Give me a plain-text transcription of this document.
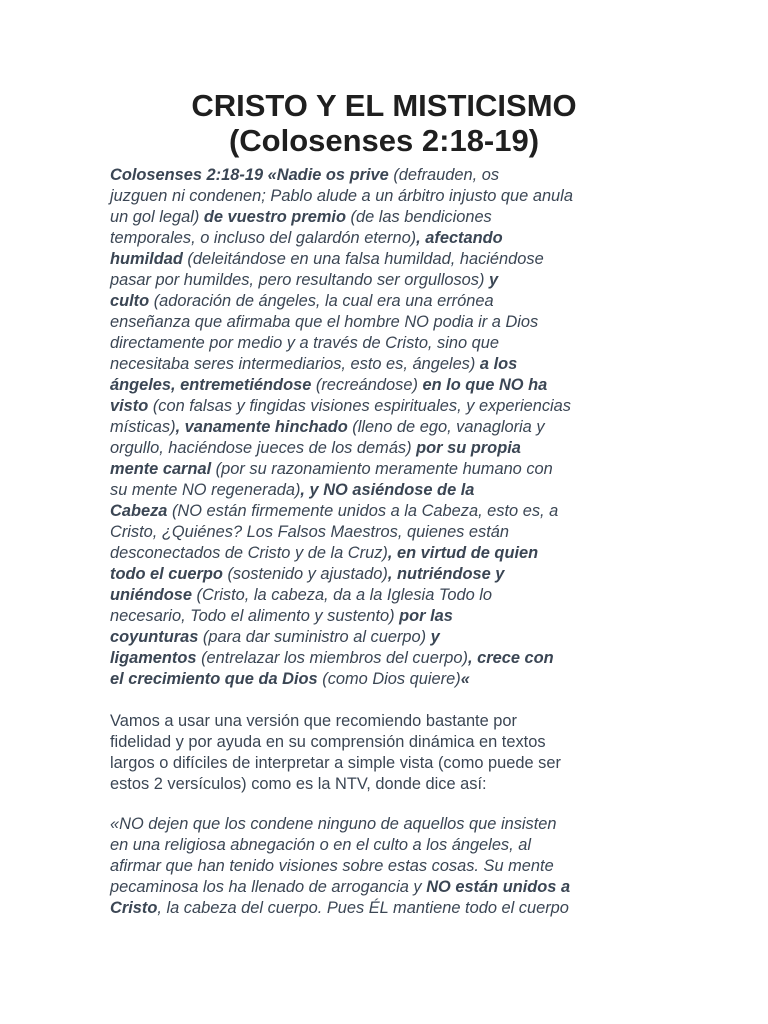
CRISTO Y EL MISTICISMO
(Colosenses 2:18-19)
Colosenses 2:18-19 «Nadie os prive (defrauden, os
juzguen ni condenen; Pablo alude a un árbitro injusto que anula
un gol legal) de vuestro premio (de las bendiciones
temporales, o incluso del galardón eterno), afectando
humildad (deleitándose en una falsa humildad, haciéndose
pasar por humildes, pero resultando ser orgullosos) y
culto (adoración de ángeles, la cual era una errónea
enseñanza que afirmaba que el hombre NO podia ir a Dios
directamente por medio y a través de Cristo, sino que
necesitaba seres intermediarios, esto es, ángeles) a los
ángeles, entremetiéndose (recreándose) en lo que NO ha
visto (con falsas y fingidas visiones espirituales, y experiencias
místicas), vanamente hinchado (lleno de ego, vanagloria y
orgullo, haciéndose jueces de los demás) por su propia
mente carnal (por su razonamiento meramente humano con
su mente NO regenerada), y NO asiéndose de la
Cabeza (NO están firmemente unidos a la Cabeza, esto es, a
Cristo, ¿Quiénes? Los Falsos Maestros, quienes están
desconectados de Cristo y de la Cruz), en virtud de quien
todo el cuerpo (sostenido y ajustado), nutriéndose y
uniéndose (Cristo, la cabeza, da a la Iglesia Todo lo
necesario, Todo el alimento y sustento) por las
coyunturas (para dar suministro al cuerpo) y
ligamentos (entrelazar los miembros del cuerpo), crece con
el crecimiento que da Dios (como Dios quiere)«
Vamos a usar una versión que recomiendo bastante por
fidelidad y por ayuda en su comprensión dinámica en textos
largos o difíciles de interpretar a simple vista (como puede ser
estos 2 versículos) como es la NTV, donde dice así:
«NO dejen que los condene ninguno de aquellos que insisten
en una religiosa abnegación o en el culto a los ángeles, al
afirmar que han tenido visiones sobre estas cosas. Su mente
pecaminosa los ha llenado de arrogancia y NO están unidos a
Cristo, la cabeza del cuerpo. Pues ÉL mantiene todo el cuerpo
